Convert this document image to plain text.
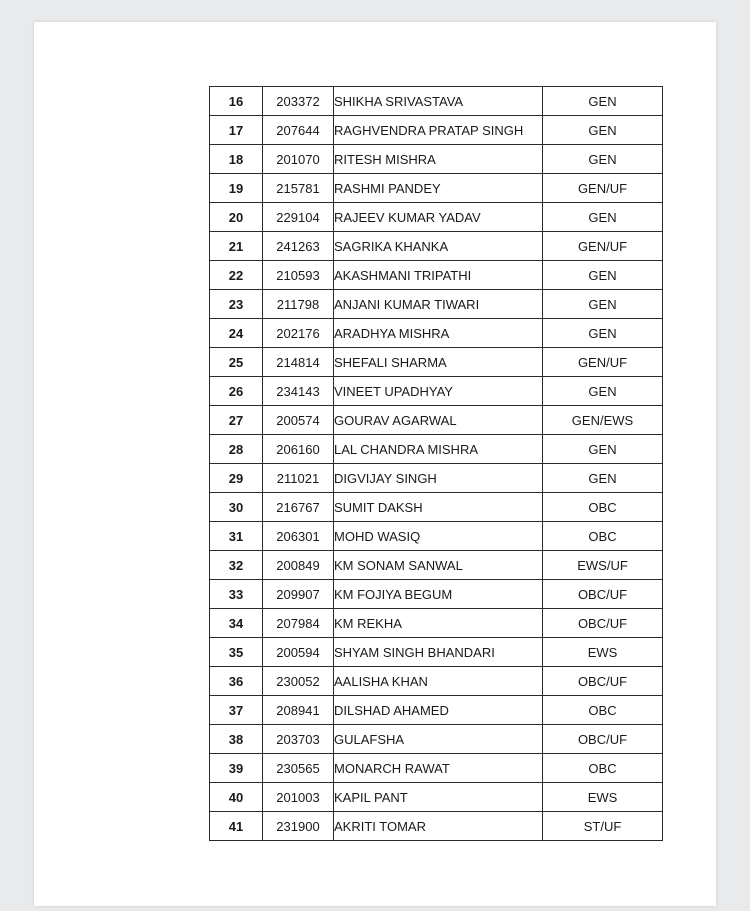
16	203372	SHIKHA SRIVASTAVA	GEN
17	207644	RAGHVENDRA PRATAP SINGH	GEN
18	201070	RITESH MISHRA	GEN
19	215781	RASHMI PANDEY	GEN/UF
20	229104	RAJEEV KUMAR YADAV	GEN
21	241263	SAGRIKA KHANKA	GEN/UF
22	210593	AKASHMANI TRIPATHI	GEN
23	211798	ANJANI KUMAR TIWARI	GEN
24	202176	ARADHYA MISHRA	GEN
25	214814	SHEFALI SHARMA	GEN/UF
26	234143	VINEET UPADHYAY	GEN
27	200574	GOURAV AGARWAL	GEN/EWS
28	206160	LAL CHANDRA MISHRA	GEN
29	211021	DIGVIJAY SINGH	GEN
30	216767	SUMIT DAKSH	OBC
31	206301	MOHD WASIQ	OBC
32	200849	KM SONAM SANWAL	EWS/UF
33	209907	KM FOJIYA BEGUM	OBC/UF
34	207984	KM REKHA	OBC/UF
35	200594	SHYAM SINGH BHANDARI	EWS
36	230052	AALISHA KHAN	OBC/UF
37	208941	DILSHAD AHAMED	OBC
38	203703	GULAFSHA	OBC/UF
39	230565	MONARCH RAWAT	OBC
40	201003	KAPIL PANT	EWS
41	231900	AKRITI TOMAR	ST/UF
